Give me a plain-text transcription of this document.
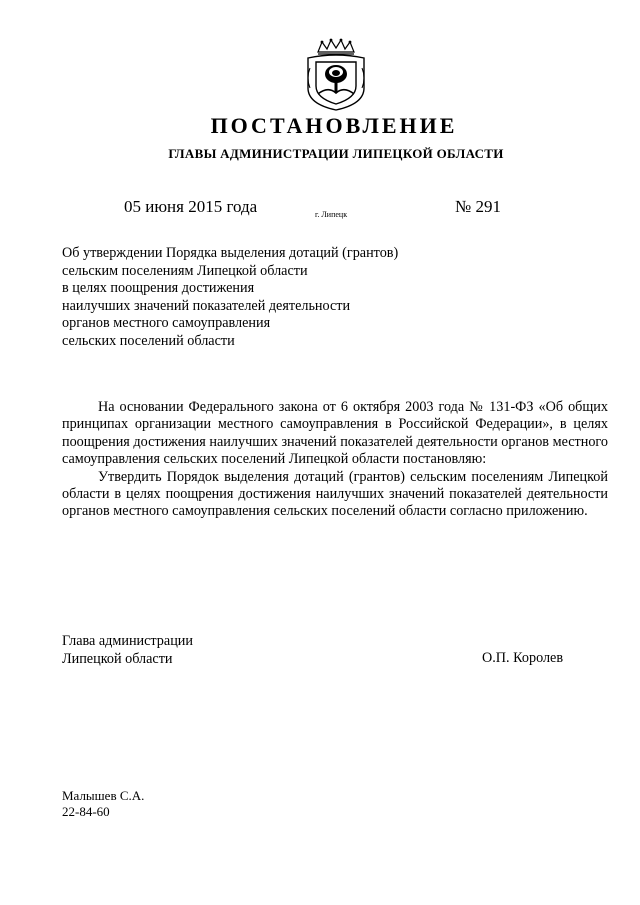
ПОСТАНОВЛЕНИЕ
ГЛАВЫ АДМИНИСТРАЦИИ ЛИПЕЦКОЙ ОБЛАСТИ
05 июня 2015 года	г. Липецк	№ 291
Об утверждении Порядка выделения дотаций (грантов)
сельским поселениям Липецкой области
в целях поощрения достижения
наилучших значений показателей деятельности
органов местного самоуправления
сельских поселений области

На основании Федерального закона от 6 октября 2003 года № 131-ФЗ «Об общих принципах организации местного самоуправления в Российской Федерации», в целях поощрения достижения наилучших значений показателей деятельности органов местного самоуправления сельских поселений Липецкой области постановляю:

Утвердить Порядок выделения дотаций (грантов) сельским поселениям Липецкой области в целях поощрения достижения наилучших значений показателей деятельности органов местного самоуправления сельских поселений области согласно приложению.

Глава администрации
Липецкой области	О.П. Королев
Малышев С.А.
22-84-60
